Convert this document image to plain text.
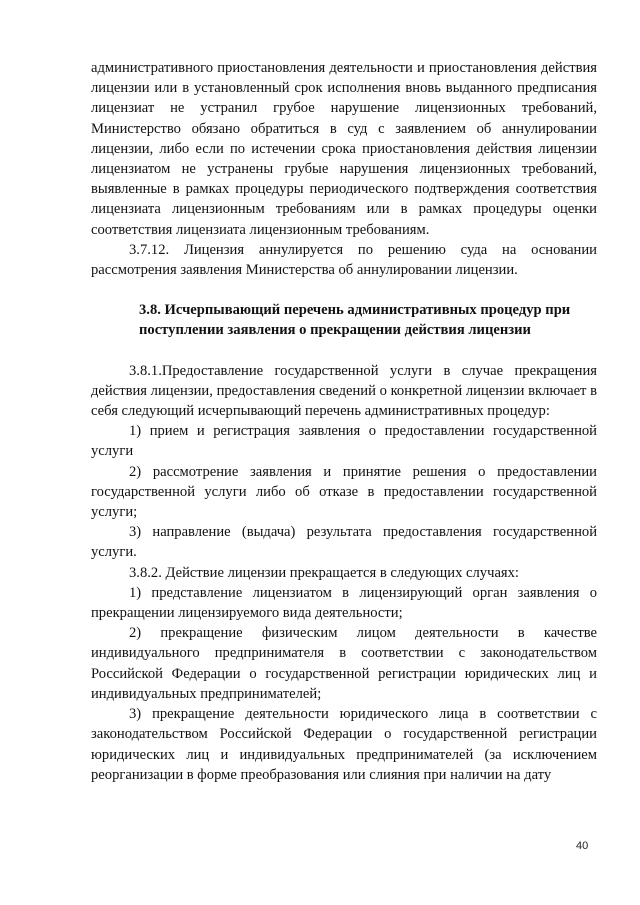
административного приостановления деятельности и приостановления действия лицензии или в установленный срок исполнения вновь выданного предписания лицензиат не устранил грубое нарушение лицензионных требований, Министерство обязано обратиться в суд с заявлением об аннулировании лицензии, либо если по истечении срока приостановления действия лицензии лицензиатом не устранены грубые нарушения лицензионных требований, выявленные в рамках процедуры периодического подтверждения соответствия лицензиата лицензионным требованиям или в рамках процедуры оценки соответствия лицензиата лицензионным требованиям.

3.7.12. Лицензия аннулируется по решению суда на основании рассмотрения заявления Министерства об аннулировании лицензии.

3.8. Исчерпывающий перечень административных процедур при
поступлении заявления о прекращении действия лицензии

3.8.1.Предоставление государственной услуги в случае прекращения действия лицензии, предоставления сведений о конкретной лицензии включает в себя следующий исчерпывающий перечень административных процедур:

1) прием и регистрация заявления о предоставлении государственной услуги

2) рассмотрение заявления и принятие решения о предоставлении государственной услуги либо об отказе в предоставлении государственной услуги;

3) направление (выдача) результата предоставления государственной услуги.

3.8.2. Действие лицензии прекращается в следующих случаях:

1) представление лицензиатом в лицензирующий орган заявления о прекращении лицензируемого вида деятельности;

2) прекращение физическим лицом деятельности в качестве индивидуального предпринимателя в соответствии с законодательством Российской Федерации о государственной регистрации юридических лиц и индивидуальных предпринимателей;

3) прекращение деятельности юридического лица в соответствии с законодательством Российской Федерации о государственной регистрации юридических лиц и индивидуальных предпринимателей (за исключением реорганизации в форме преобразования или слияния при наличии на дату

40
